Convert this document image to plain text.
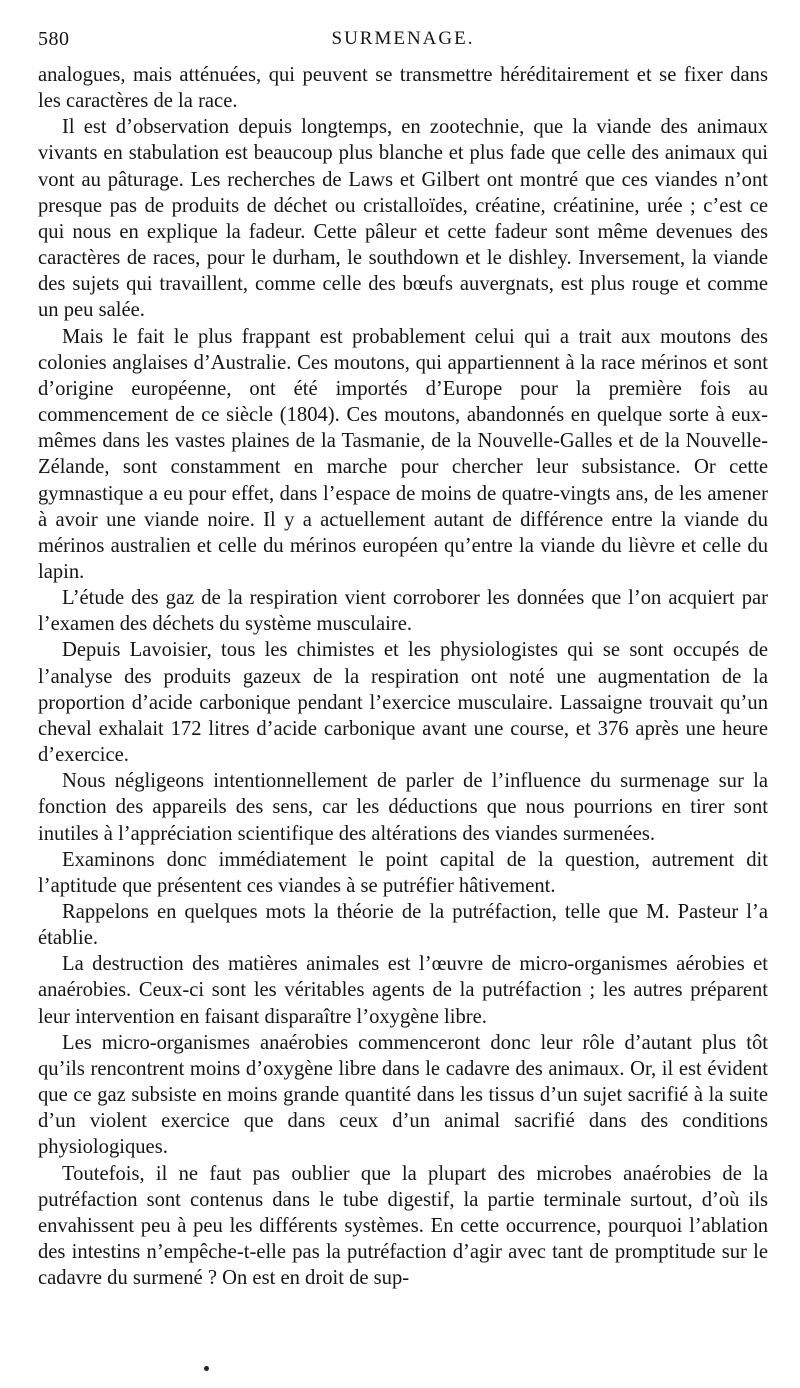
580	SURMENAGE.

analogues, mais atténuées, qui peuvent se transmettre héréditairement et se fixer dans les caractères de la race.

Il est d’observation depuis longtemps, en zootechnie, que la viande des animaux vivants en stabulation est beaucoup plus blanche et plus fade que celle des animaux qui vont au pâturage. Les recherches de Laws et Gilbert ont montré que ces viandes n’ont presque pas de produits de déchet ou cristalloïdes, créatine, créatinine, urée ; c’est ce qui nous en explique la fadeur. Cette pâleur et cette fadeur sont même devenues des caractères de races, pour le durham, le southdown et le dishley. Inversement, la viande des sujets qui travaillent, comme celle des bœufs auvergnats, est plus rouge et comme un peu salée.

Mais le fait le plus frappant est probablement celui qui a trait aux moutons des colonies anglaises d’Australie. Ces moutons, qui appartiennent à la race mérinos et sont d’origine européenne, ont été importés d’Europe pour la première fois au commencement de ce siècle (1804). Ces moutons, abandonnés en quelque sorte à eux-mêmes dans les vastes plaines de la Tasmanie, de la Nouvelle-Galles et de la Nouvelle-Zélande, sont constamment en marche pour chercher leur subsistance. Or cette gymnastique a eu pour effet, dans l’espace de moins de quatre-vingts ans, de les amener à avoir une viande noire. Il y a actuellement autant de différence entre la viande du mérinos australien et celle du mérinos européen qu’entre la viande du lièvre et celle du lapin.

L’étude des gaz de la respiration vient corroborer les données que l’on acquiert par l’examen des déchets du système musculaire.

Depuis Lavoisier, tous les chimistes et les physiologistes qui se sont occupés de l’analyse des produits gazeux de la respiration ont noté une augmentation de la proportion d’acide carbonique pendant l’exercice musculaire. Lassaigne trouvait qu’un cheval exhalait 172 litres d’acide carbonique avant une course, et 376 après une heure d’exercice.

Nous négligeons intentionnellement de parler de l’influence du surmenage sur la fonction des appareils des sens, car les déductions que nous pourrions en tirer sont inutiles à l’appréciation scientifique des altérations des viandes surmenées.

Examinons donc immédiatement le point capital de la question, autrement dit l’aptitude que présentent ces viandes à se putréfier hâtivement.

Rappelons en quelques mots la théorie de la putréfaction, telle que M. Pasteur l’a établie.

La destruction des matières animales est l’œuvre de micro-organismes aérobies et anaérobies. Ceux-ci sont les véritables agents de la putréfaction ; les autres préparent leur intervention en faisant disparaître l’oxygène libre.

Les micro-organismes anaérobies commenceront donc leur rôle d’autant plus tôt qu’ils rencontrent moins d’oxygène libre dans le cadavre des animaux. Or, il est évident que ce gaz subsiste en moins grande quantité dans les tissus d’un sujet sacrifié à la suite d’un violent exercice que dans ceux d’un animal sacrifié dans des conditions physiologiques.

Toutefois, il ne faut pas oublier que la plupart des microbes anaérobies de la putréfaction sont contenus dans le tube digestif, la partie terminale surtout, d’où ils envahissent peu à peu les différents systèmes. En cette occurrence, pourquoi l’ablation des intestins n’empêche-t-elle pas la putréfaction d’agir avec tant de promptitude sur le cadavre du surmené ? On est en droit de sup-
